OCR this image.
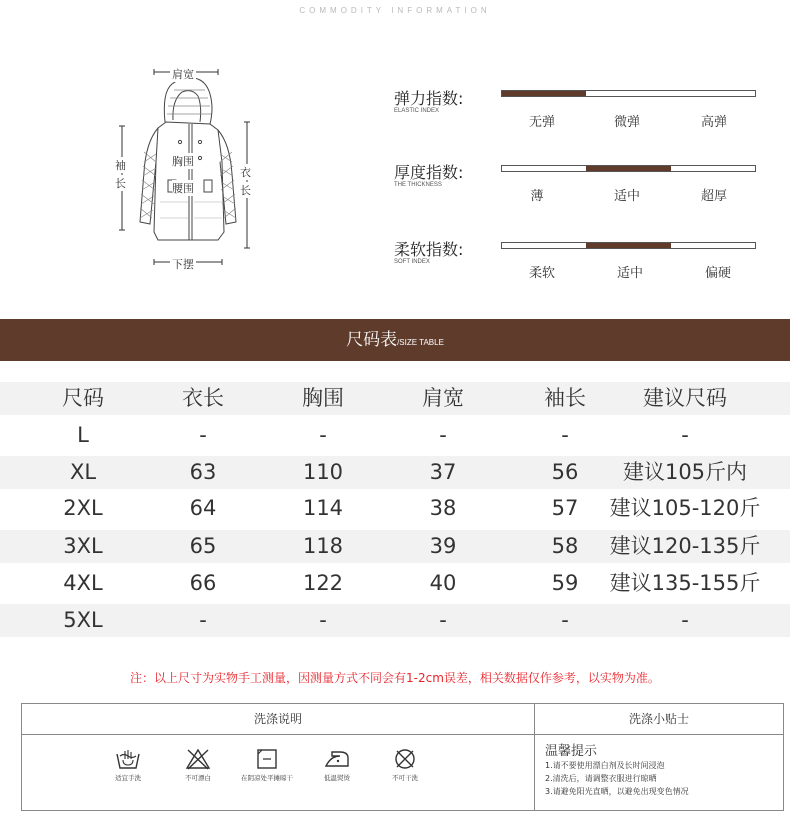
COMMODITY INFORMATION
肩宽
袖
长
衣
长
胸围
腰围
下摆
弹力指数:
ELASTIC INDEX
无弹	微弹	高弹
厚度指数:
THE THICKNESS
薄	适中	超厚
柔软指数:
SOFT INDEX
柔软	适中	偏硬
尺码表/SIZE TABLE
尺码	衣长	胸围	肩宽	袖长	建议尺码
L	-	-	-	-	-
XL	63	110	37	56	建议105斤内
2XL	64	114	38	57	建议105-120斤
3XL	65	118	39	58	建议120-135斤
4XL	66	122	40	59	建议135-155斤
5XL	-	-	-	-	-
注：以上尺寸为实物手工测量，因测量方式不同会有1-2cm误差，相关数据仅作参考，以实物为准。
洗涤说明	洗涤小贴士
适宜手洗	不可漂白	在阴凉处平摊晾干	低温熨烫	不可干洗
温馨提示
1.请不要使用漂白剂及长时间浸泡
2.清洗后，请调整衣服进行晾晒
3.请避免阳光直晒，以避免出现变色情况
